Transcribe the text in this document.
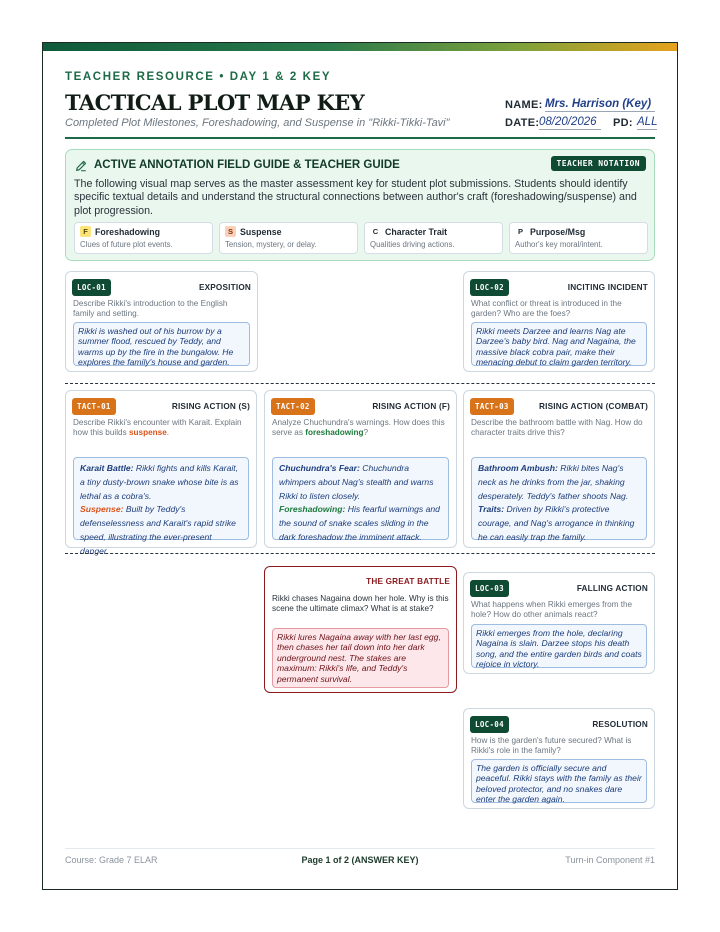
TEACHER RESOURCE • DAY 1 & 2 KEY
TACTICAL PLOT MAP KEY
Completed Plot Milestones, Foreshadowing, and Suspense in "Rikki-Tikki-Tavi"
NAME: Mrs. Harrison (Key)
DATE: 08/20/2026	PD: ALL
ACTIVE ANNOTATION FIELD GUIDE & TEACHER GUIDE	TEACHER NOTATION
The following visual map serves as the master assessment key for student plot submissions. Students should identify specific textual details and understand the structural connections between author's craft (foreshadowing/suspense) and plot progression.
F Foreshadowing
Clues of future plot events.
S Suspense
Tension, mystery, or delay.
C Character Trait
Qualities driving actions.
P Purpose/Msg
Author's key moral/intent.
LOC-01	EXPOSITION
Describe Rikki's introduction to the English family and setting.
Rikki is washed out of his burrow by a summer flood, rescued by Teddy, and warms up by the fire in the bungalow. He explores the family's house and garden.
LOC-02	INCITING INCIDENT
What conflict or threat is introduced in the garden? Who are the foes?
Rikki meets Darzee and learns Nag ate Darzee's baby bird. Nag and Nagaina, the massive black cobra pair, make their menacing debut to claim garden territory.
TACT-01	RISING ACTION (S)
Describe Rikki's encounter with Karait. Explain how this builds suspense.
Karait Battle: Rikki fights and kills Karait, a tiny dusty-brown snake whose bite is as lethal as a cobra's.
Suspense: Built by Teddy's defenselessness and Karait's rapid strike speed, illustrating the ever-present danger.
TACT-02	RISING ACTION (F)
Analyze Chuchundra's warnings. How does this serve as foreshadowing?
Chuchundra's Fear: Chuchundra whimpers about Nag's stealth and warns Rikki to listen closely.
Foreshadowing: His fearful warnings and the sound of snake scales sliding in the dark foreshadow the imminent attack.
TACT-03	RISING ACTION (COMBAT)
Describe the bathroom battle with Nag. How do character traits drive this?
Bathroom Ambush: Rikki bites Nag's neck as he drinks from the jar, shaking desperately. Teddy's father shoots Nag.
Traits: Driven by Rikki's protective courage, and Nag's arrogance in thinking he can easily trap the family.
THE GREAT BATTLE
Rikki chases Nagaina down her hole. Why is this scene the ultimate climax? What is at stake?
Rikki lures Nagaina away with her last egg, then chases her tail down into her dark underground nest. The stakes are maximum: Rikki's life, and Teddy's permanent survival.
LOC-03	FALLING ACTION
What happens when Rikki emerges from the hole? How do other animals react?
Rikki emerges from the hole, declaring Nagaina is slain. Darzee stops his death song, and the entire garden birds and coats rejoice in victory.
LOC-04	RESOLUTION
How is the garden's future secured? What is Rikki's role in the family?
The garden is officially secure and peaceful. Rikki stays with the family as their beloved protector, and no snakes dare enter the garden again.
Course: Grade 7 ELAR	Page 1 of 2 (ANSWER KEY)	Turn-in Component #1
